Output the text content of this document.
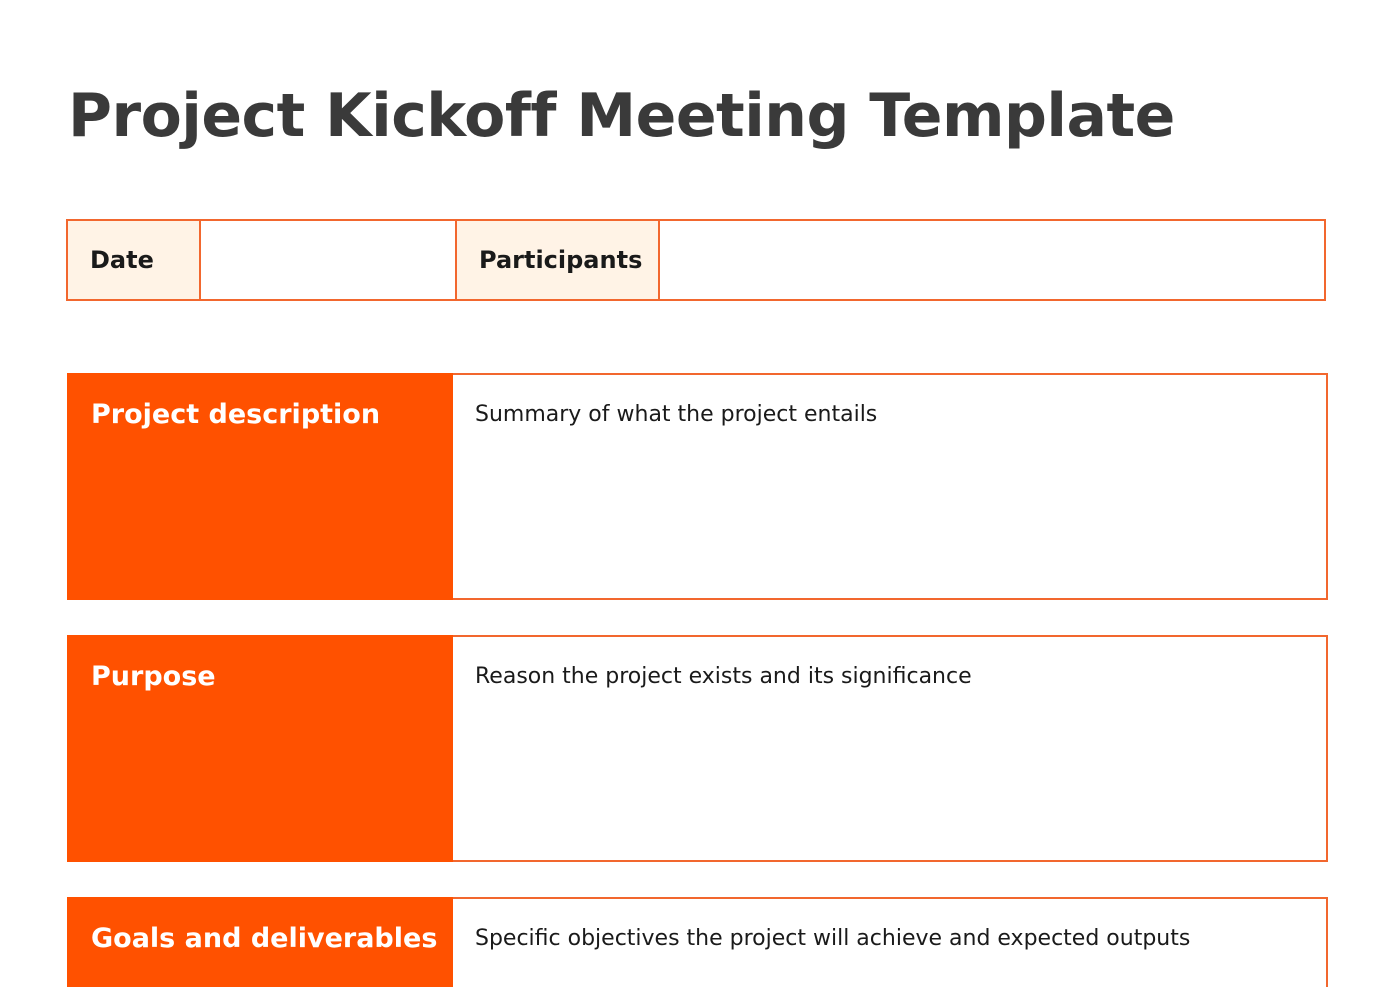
Project Kickoff Meeting Template
Date	Participants
Project description	Summary of what the project entails
Purpose	Reason the project exists and its significance
Goals and deliverables	Specific objectives the project will achieve and expected outputs
